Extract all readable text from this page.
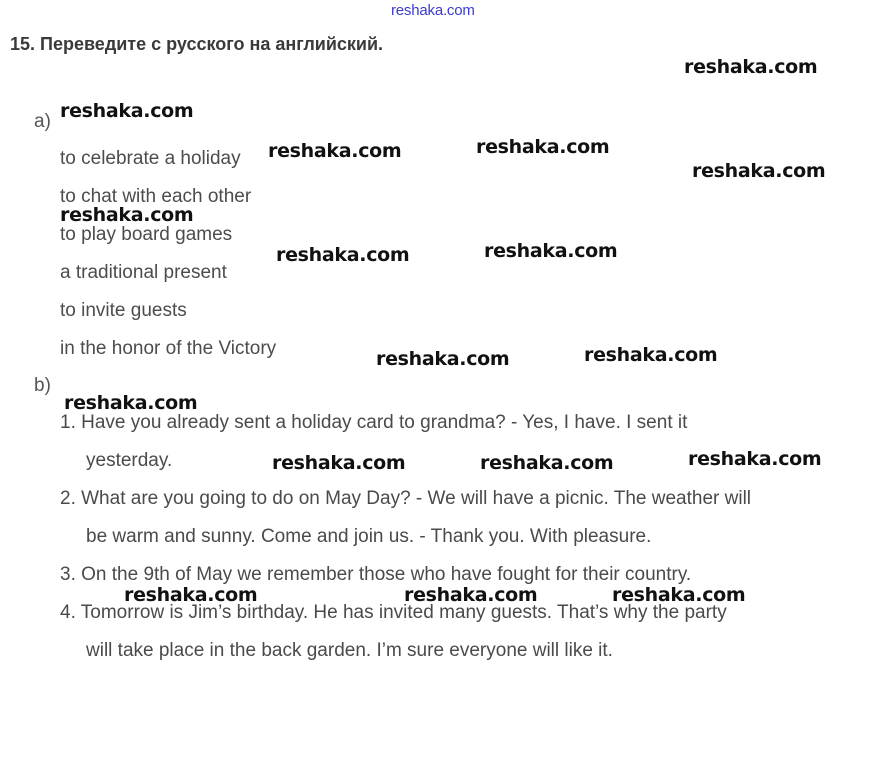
reshaka.com
15. Переведите с русского на английский.
a)
to celebrate a holiday
to chat with each other
to play board games
a traditional present
to invite guests
in the honor of the Victory
b)
1. Have you already sent a holiday card to grandma? - Yes, I have. I sent it
yesterday.
2. What are you going to do on May Day? - We will have a picnic. The weather will
be warm and sunny. Come and join us. - Thank you. With pleasure.
3. On the 9th of May we remember those who have fought for their country.
4. Tomorrow is Jim’s birthday. He has invited many guests. That’s why the party
will take place in the back garden. I’m sure everyone will like it.
reshaka.com
reshaka.com
reshaka.com	reshaka.com
reshaka.com
reshaka.com
reshaka.com	reshaka.com
reshaka.com	reshaka.com
reshaka.com
reshaka.com	reshaka.com	reshaka.com
reshaka.com	reshaka.com	reshaka.com
